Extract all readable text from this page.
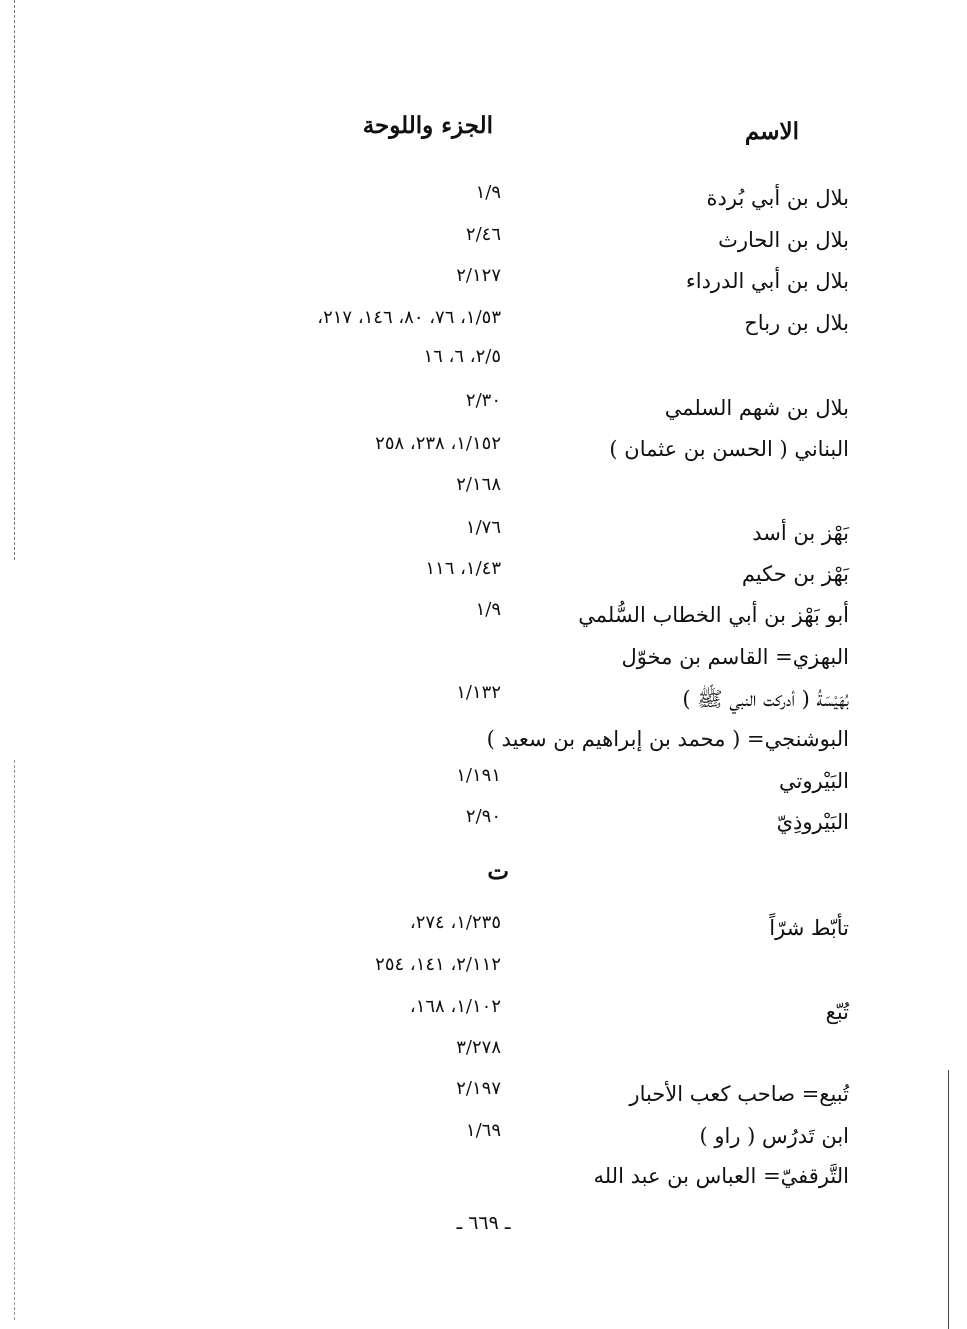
الاسم
الجزء واللوحة
بلال بن أبي بُردة
١/٩
بلال بن الحارث
٢/٤٦
بلال بن أبي الدرداء
٢/١٢٧
بلال بن رباح
١/٥٣، ٧٦، ٨٠، ١٤٦، ٢١٧،
٢/٥، ٦، ١٦
بلال بن شهم السلمي
٢/٣٠
البناني ( الحسن بن عثمان )
١/١٥٢، ٢٣٨، ٢٥٨
٢/١٦٨
بَهْز بن أسد
١/٧٦
بَهْز بن حكيم
١/٤٣، ١١٦
أبو بَهْز بن أبي الخطاب السُّلمي
١/٩
البهزي= القاسم بن مخوّل
بُهَيْسَةُ ( أدركت النبي ﷺ )
١/١٣٢
البوشنجي= ( محمد بن إبراهيم بن سعيد )
البَيْروتي
١/١٩١
البَيْروذِيّ
٢/٩٠
ت
تأبّط شرّاً
١/٢٣٥، ٢٧٤،
٢/١١٢، ١٤١، ٢٥٤
تُبّع
١/١٠٢، ١٦٨،
٣/٢٧٨
تُبيع= صاحب كعب الأحبار
٢/١٩٧
ابن تَدرُس ( راو )
١/٦٩
التَّرقفيّ= العباس بن عبد الله
ـ ٦٦٩ ـ
